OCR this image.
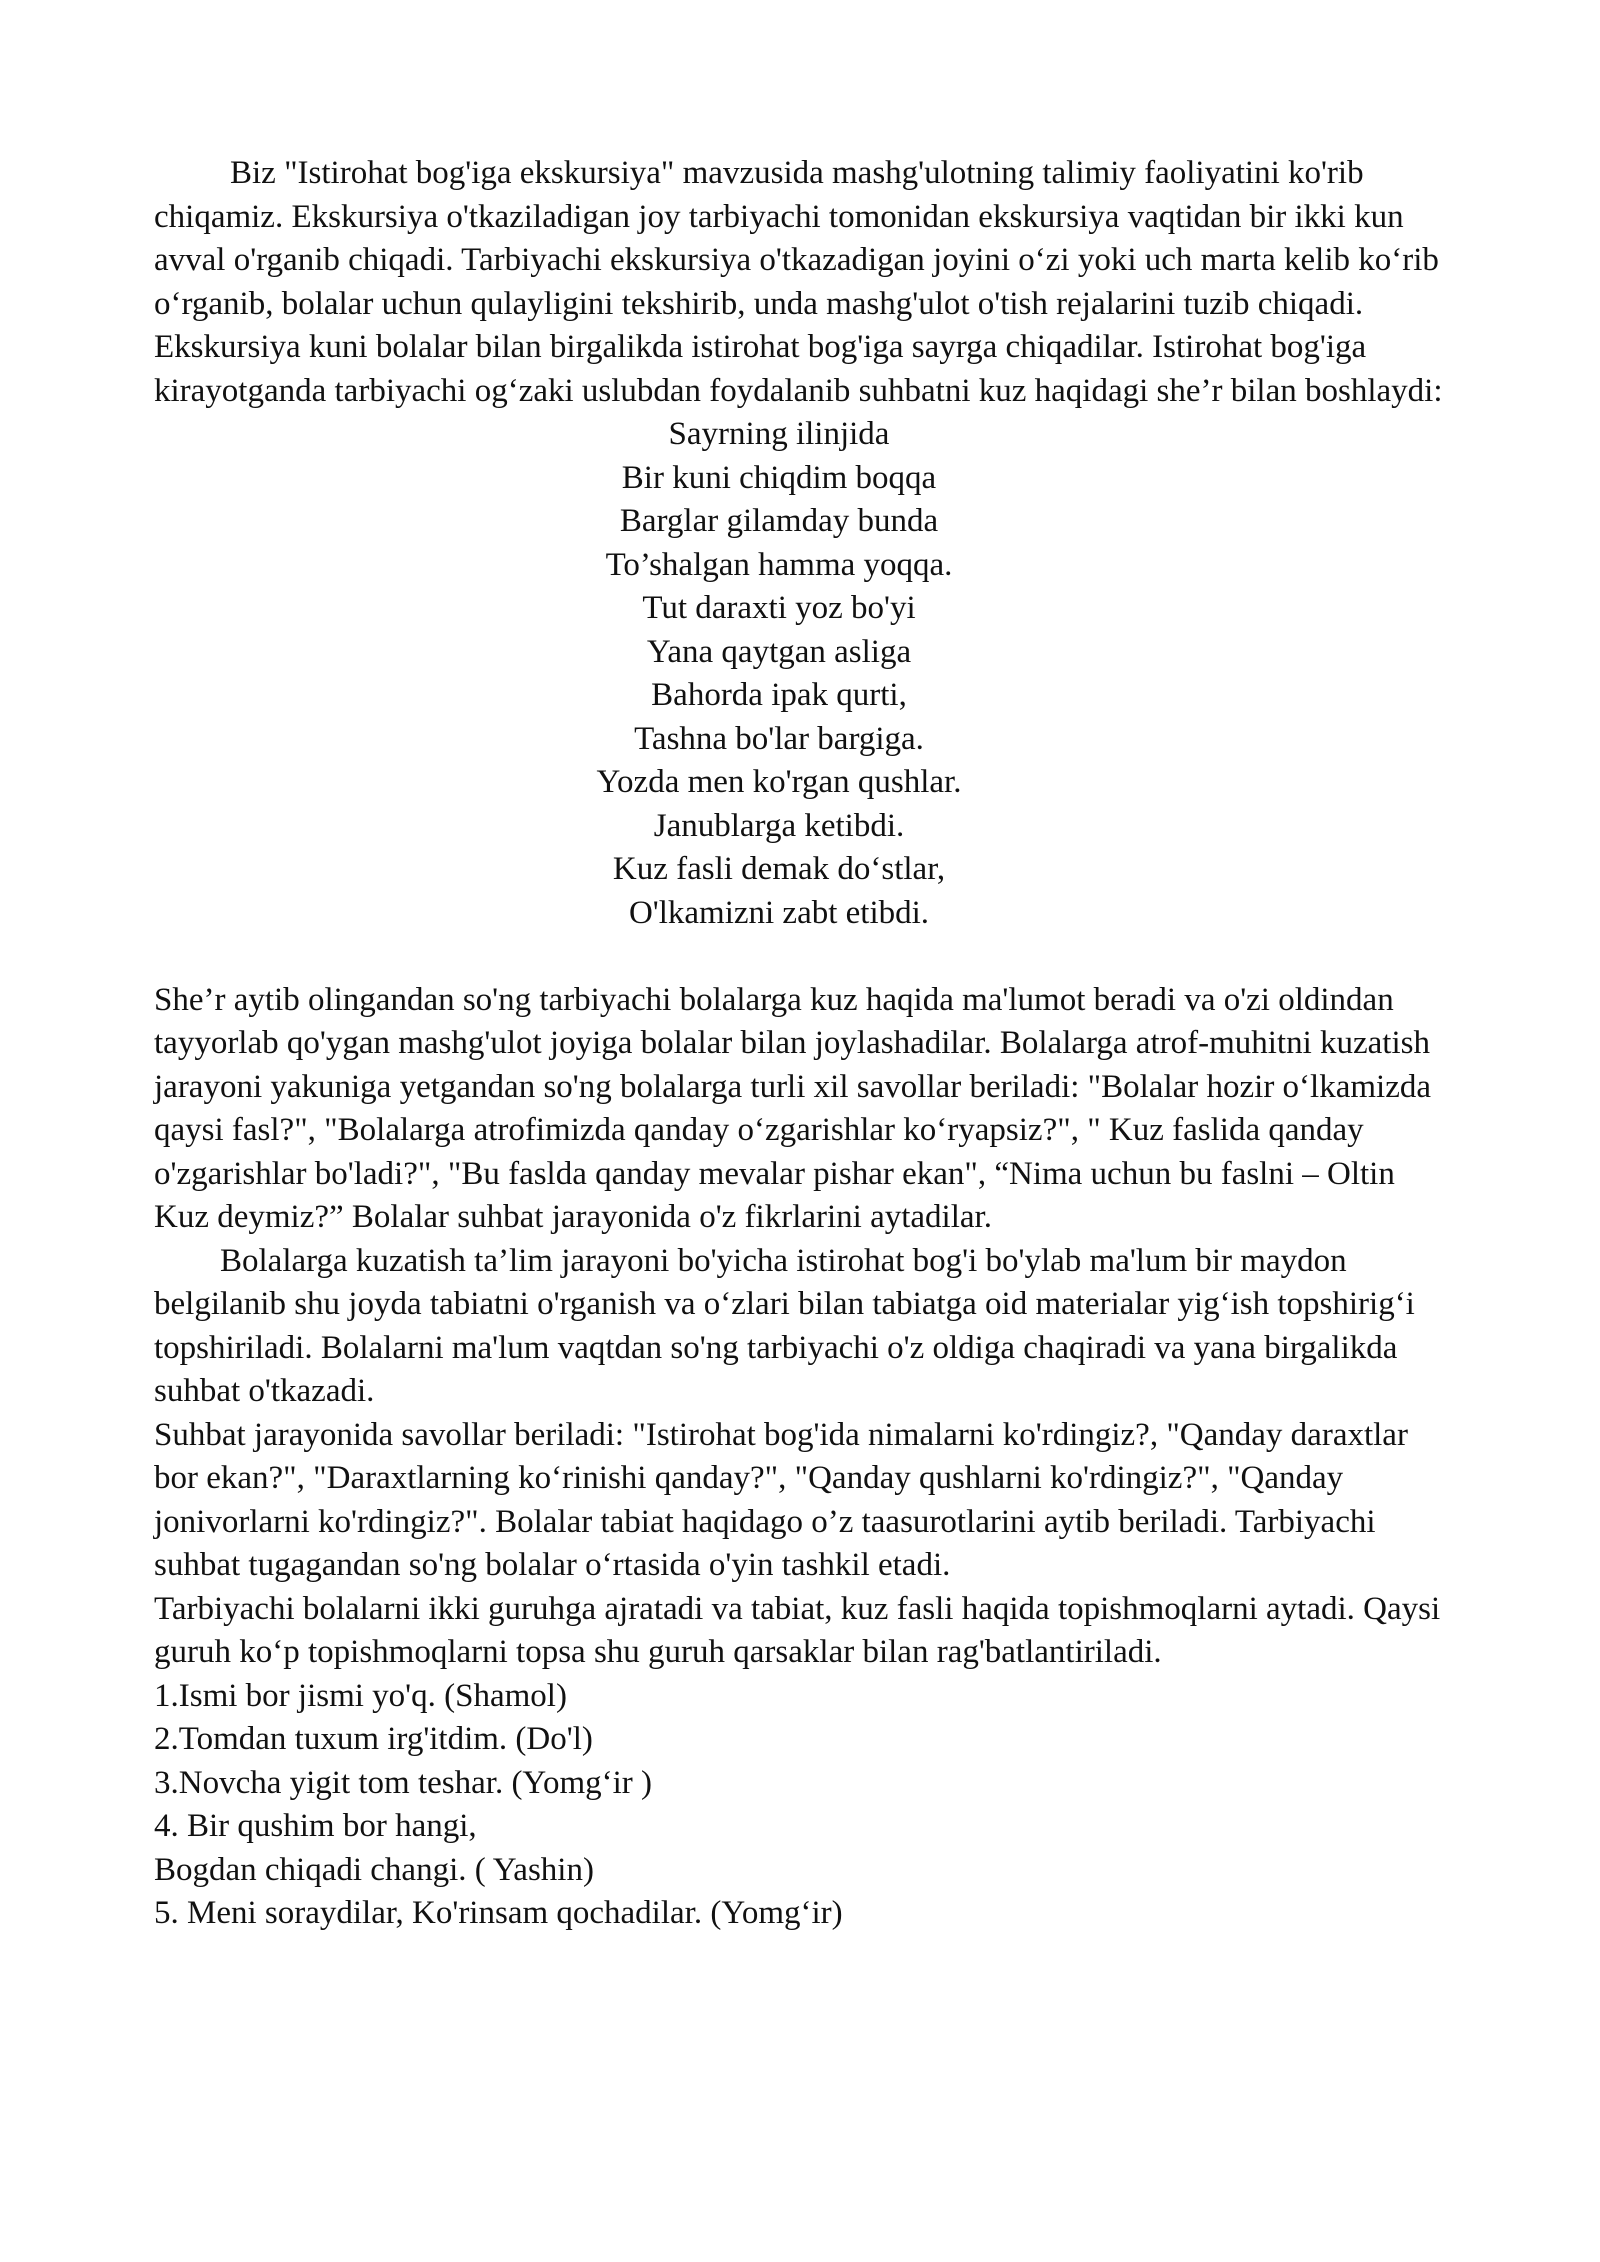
Biz "Istirohat bog'iga ekskursiya" mavzusida mashg'ulotning talimiy faoliyatini ko'rib chiqamiz. Ekskursiya o'tkaziladigan joy tarbiyachi tomonidan ekskursiya vaqtidan bir ikki kun avval o'rganib chiqadi. Tarbiyachi ekskursiya o'tkazadigan joyini o‘zi yoki uch marta kelib ko‘rib o‘rganib, bolalar uchun qulayligini tekshirib, unda mashg'ulot o'tish rejalarini tuzib chiqadi. Ekskursiya kuni bolalar bilan birgalikda istirohat bog'iga sayrga chiqadilar. Istirohat bog'iga kirayotganda tarbiyachi og‘zaki uslubdan foydalanib suhbatni kuz haqidagi she’r bilan boshlaydi:

Sayrning ilinjida
Bir kuni chiqdim boqqa
Barglar gilamday bunda
To’shalgan hamma yoqqa.
Tut daraxti yoz bo'yi
Yana qaytgan asliga
Bahorda ipak qurti,
Tashna bo'lar bargiga.
Yozda men ko'rgan qushlar.
Janublarga ketibdi.
Kuz fasli demak do‘stlar,
O'lkamizni zabt etibdi.

She’r aytib olingandan so'ng tarbiyachi bolalarga kuz haqida ma'lumot beradi va o'zi oldindan tayyorlab qo'ygan mashg'ulot joyiga bolalar bilan joylashadilar. Bolalarga atrof-muhitni kuzatish jarayoni yakuniga yetgandan so'ng bolalarga turli xil savollar beriladi: "Bolalar hozir o‘lkamizda qaysi fasl?", "Bolalarga atrofimizda qanday o‘zgarishlar ko‘ryapsiz?", " Kuz faslida qanday o'zgarishlar bo'ladi?", "Bu faslda qanday mevalar pishar ekan", “Nima uchun bu faslni – Oltin Kuz deymiz?” Bolalar suhbat jarayonida o'z fikrlarini aytadilar.

Bolalarga kuzatish ta’lim jarayoni bo'yicha istirohat bog'i bo'ylab ma'lum bir maydon belgilanib shu joyda tabiatni o'rganish va o‘zlari bilan tabiatga oid materialar yig‘ish topshirig‘i topshiriladi. Bolalarni ma'lum vaqtdan so'ng tarbiyachi o'z oldiga chaqiradi va yana birgalikda suhbat o'tkazadi.

Suhbat jarayonida savollar beriladi: "Istirohat bog'ida nimalarni ko'rdingiz?, "Qanday daraxtlar bor ekan?", "Daraxtlarning ko‘rinishi qanday?", "Qanday qushlarni ko'rdingiz?", "Qanday jonivorlarni ko'rdingiz?". Bolalar tabiat haqidago o’z taasurotlarini aytib beriladi. Tarbiyachi suhbat tugagandan so'ng bolalar o‘rtasida o'yin tashkil etadi.

Tarbiyachi bolalarni ikki guruhga ajratadi va tabiat, kuz fasli haqida topishmoqlarni aytadi. Qaysi guruh ko‘p topishmoqlarni topsa shu guruh qarsaklar bilan rag'batlantiriladi.

1.Ismi bor jismi yo'q. (Shamol)
2.Tomdan tuxum irg'itdim. (Do'l)
3.Novcha yigit tom teshar. (Yomg‘ir )
4. Bir qushim bor hangi,
Bogdan chiqadi changi. ( Yashin)
5. Meni soraydilar, Ko'rinsam qochadilar. (Yomg‘ir)
